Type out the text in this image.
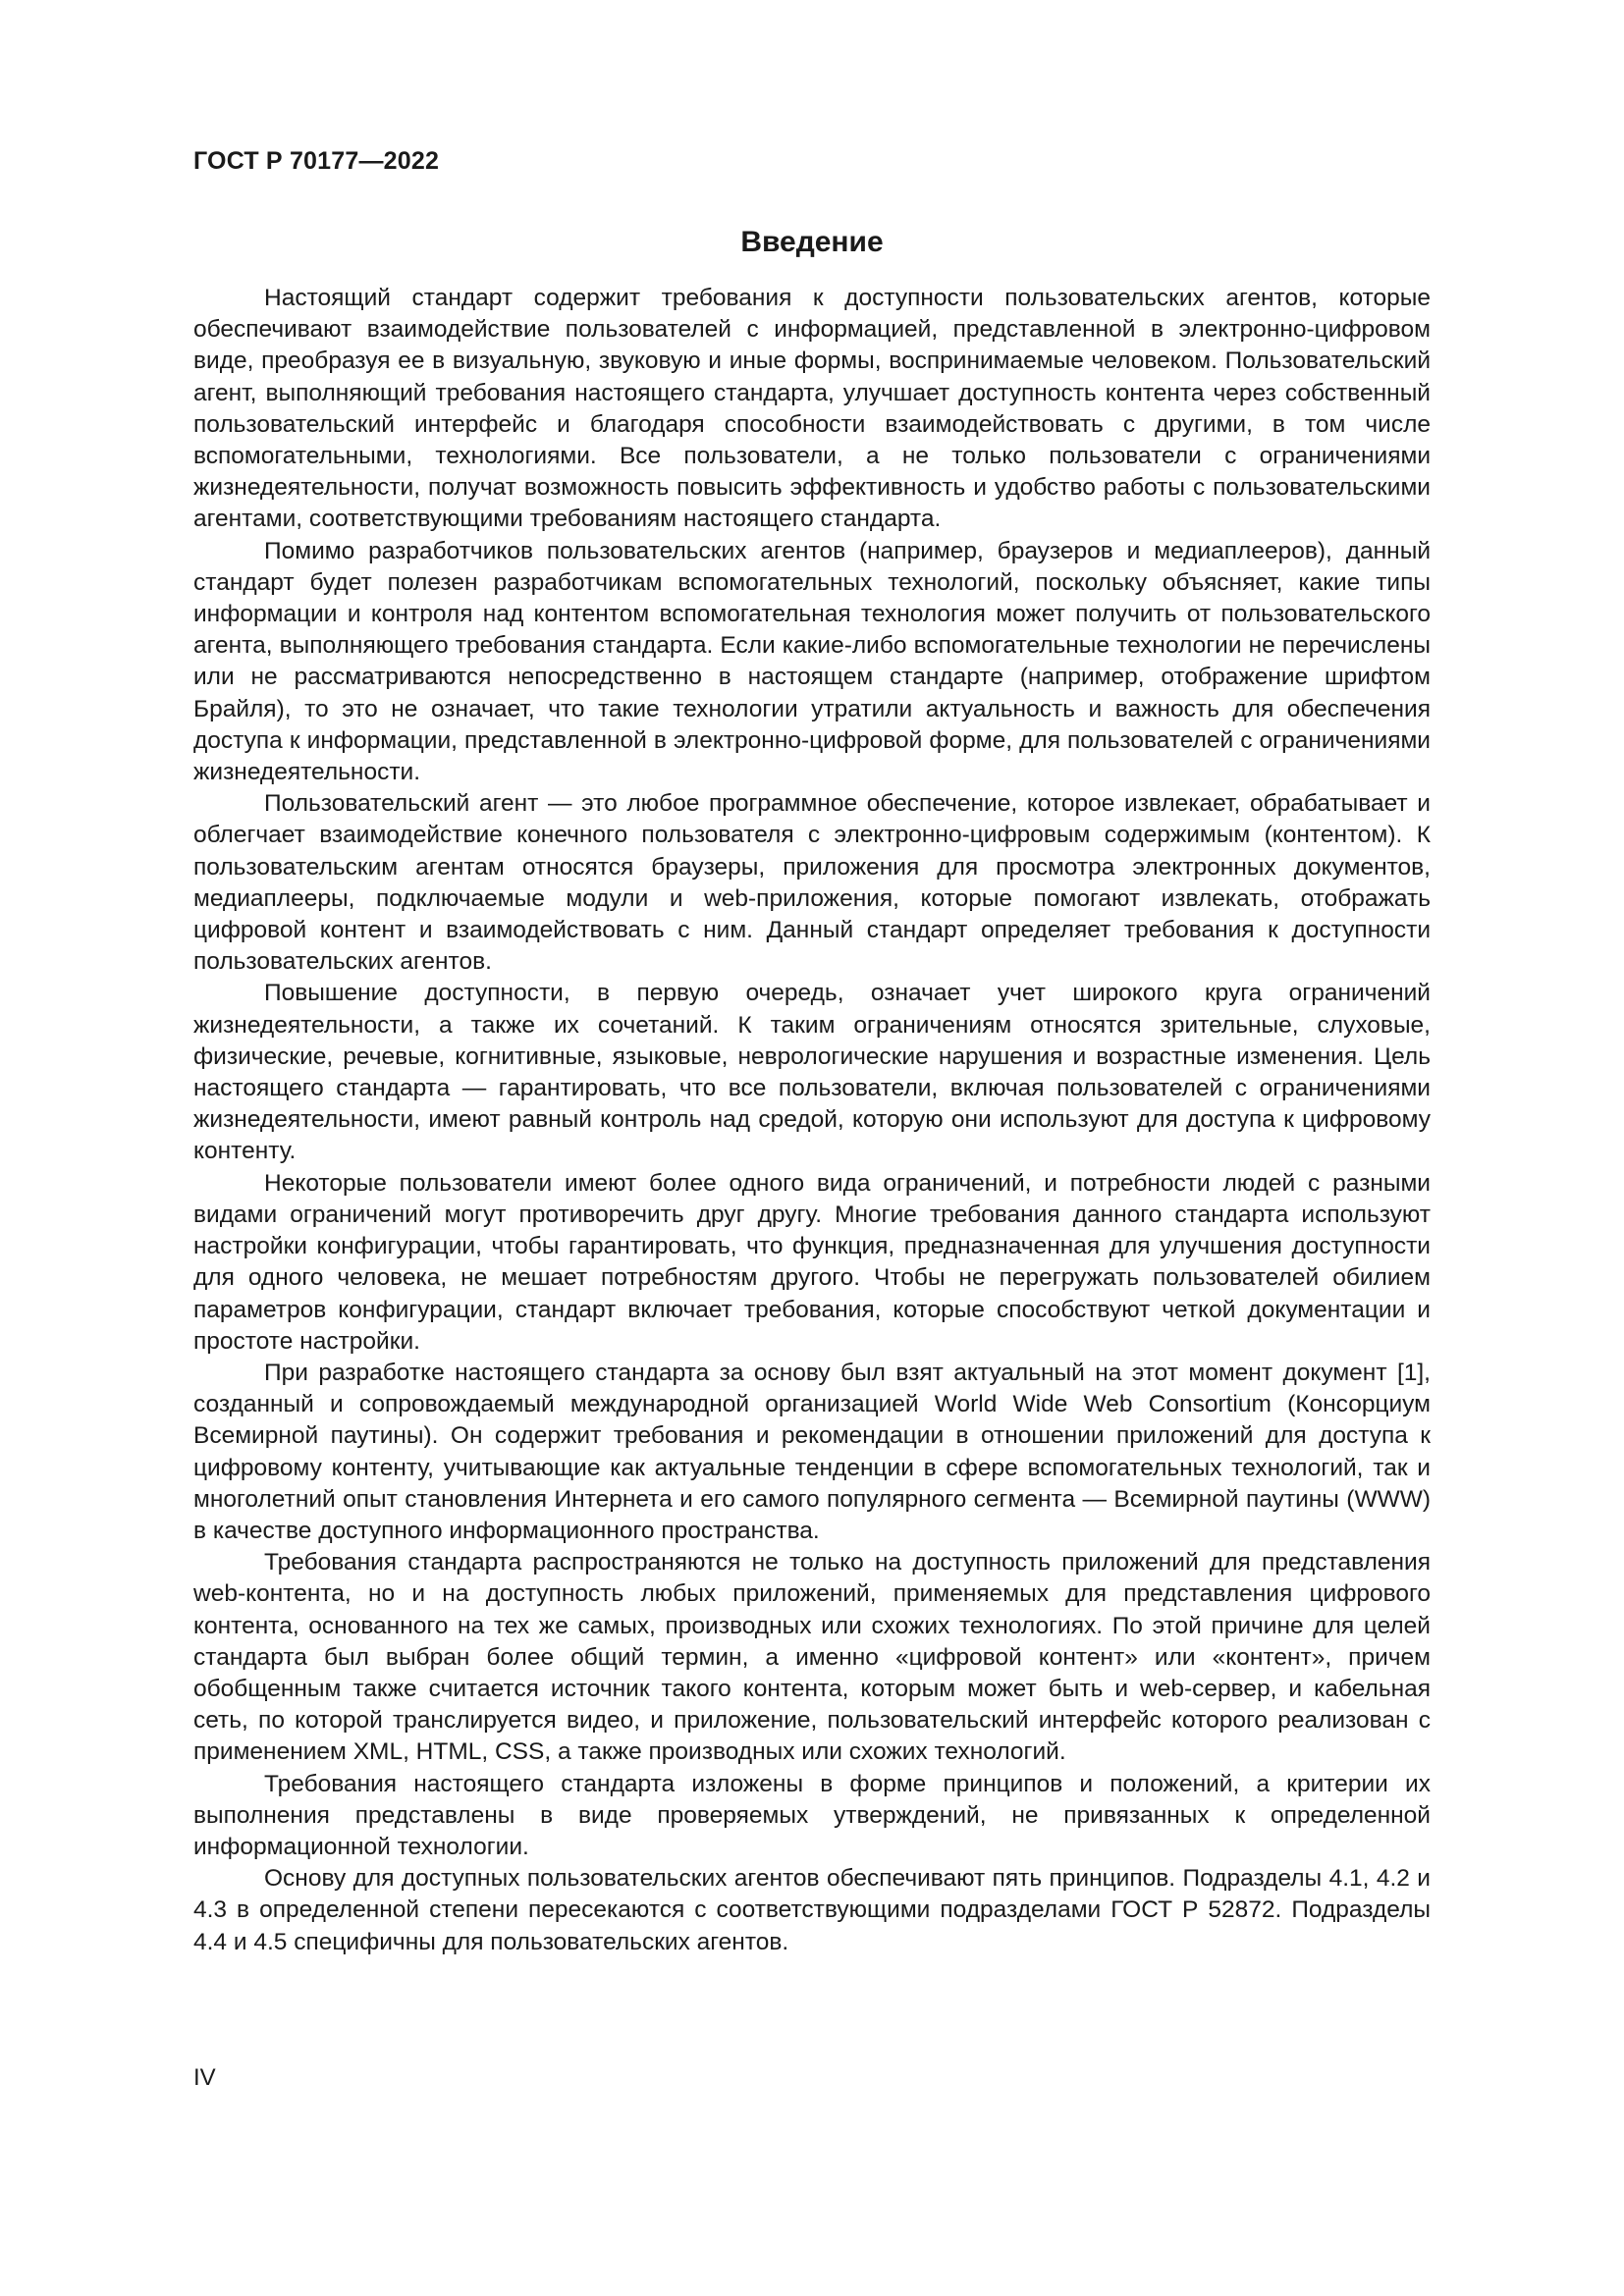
ГОСТ Р 70177—2022
Введение

Настоящий стандарт содержит требования к доступности пользовательских агентов, которые обеспечивают взаимодействие пользователей с информацией, представленной в электронно-цифровом виде, преобразуя ее в визуальную, звуковую и иные формы, воспринимаемые человеком. Пользовательский агент, выполняющий требования настоящего стандарта, улучшает доступность контента через собственный пользовательский интерфейс и благодаря способности взаимодействовать с другими, в том числе вспомогательными, технологиями. Все пользователи, а не только пользователи с ограничениями жизнедеятельности, получат возможность повысить эффективность и удобство работы с пользовательскими агентами, соответствующими требованиям настоящего стандарта.

Помимо разработчиков пользовательских агентов (например, браузеров и медиаплееров), данный стандарт будет полезен разработчикам вспомогательных технологий, поскольку объясняет, какие типы информации и контроля над контентом вспомогательная технология может получить от пользовательского агента, выполняющего требования стандарта. Если какие-либо вспомогательные технологии не перечислены или не рассматриваются непосредственно в настоящем стандарте (например, отображение шрифтом Брайля), то это не означает, что такие технологии утратили актуальность и важность для обеспечения доступа к информации, представленной в электронно-цифровой форме, для пользователей с ограничениями жизнедеятельности.

Пользовательский агент — это любое программное обеспечение, которое извлекает, обрабатывает и облегчает взаимодействие конечного пользователя с электронно-цифровым содержимым (контентом). К пользовательским агентам относятся браузеры, приложения для просмотра электронных документов, медиаплееры, подключаемые модули и web-приложения, которые помогают извлекать, отображать цифровой контент и взаимодействовать с ним. Данный стандарт определяет требования к доступности пользовательских агентов.

Повышение доступности, в первую очередь, означает учет широкого круга ограничений жизнедеятельности, а также их сочетаний. К таким ограничениям относятся зрительные, слуховые, физические, речевые, когнитивные, языковые, неврологические нарушения и возрастные изменения. Цель настоящего стандарта — гарантировать, что все пользователи, включая пользователей с ограничениями жизнедеятельности, имеют равный контроль над средой, которую они используют для доступа к цифровому контенту.

Некоторые пользователи имеют более одного вида ограничений, и потребности людей с разными видами ограничений могут противоречить друг другу. Многие требования данного стандарта используют настройки конфигурации, чтобы гарантировать, что функция, предназначенная для улучшения доступности для одного человека, не мешает потребностям другого. Чтобы не перегружать пользователей обилием параметров конфигурации, стандарт включает требования, которые способствуют четкой документации и простоте настройки.

При разработке настоящего стандарта за основу был взят актуальный на этот момент документ [1], созданный и сопровождаемый международной организацией World Wide Web Consortium (Консорциум Всемирной паутины). Он содержит требования и рекомендации в отношении приложений для доступа к цифровому контенту, учитывающие как актуальные тенденции в сфере вспомогательных технологий, так и многолетний опыт становления Интернета и его самого популярного сегмента — Всемирной паутины (WWW) в качестве доступного информационного пространства.

Требования стандарта распространяются не только на доступность приложений для представления web-контента, но и на доступность любых приложений, применяемых для представления цифрового контента, основанного на тех же самых, производных или схожих технологиях. По этой причине для целей стандарта был выбран более общий термин, а именно «цифровой контент» или «контент», причем обобщенным также считается источник такого контента, которым может быть и web-сервер, и кабельная сеть, по которой транслируется видео, и приложение, пользовательский интерфейс которого реализован с применением XML, HTML, CSS, а также производных или схожих технологий.

Требования настоящего стандарта изложены в форме принципов и положений, а критерии их выполнения представлены в виде проверяемых утверждений, не привязанных к определенной информационной технологии.

Основу для доступных пользовательских агентов обеспечивают пять принципов. Подразделы 4.1, 4.2 и 4.3 в определенной степени пересекаются с соответствующими подразделами ГОСТ Р 52872. Подразделы 4.4 и 4.5 специфичны для пользовательских агентов.

IV
